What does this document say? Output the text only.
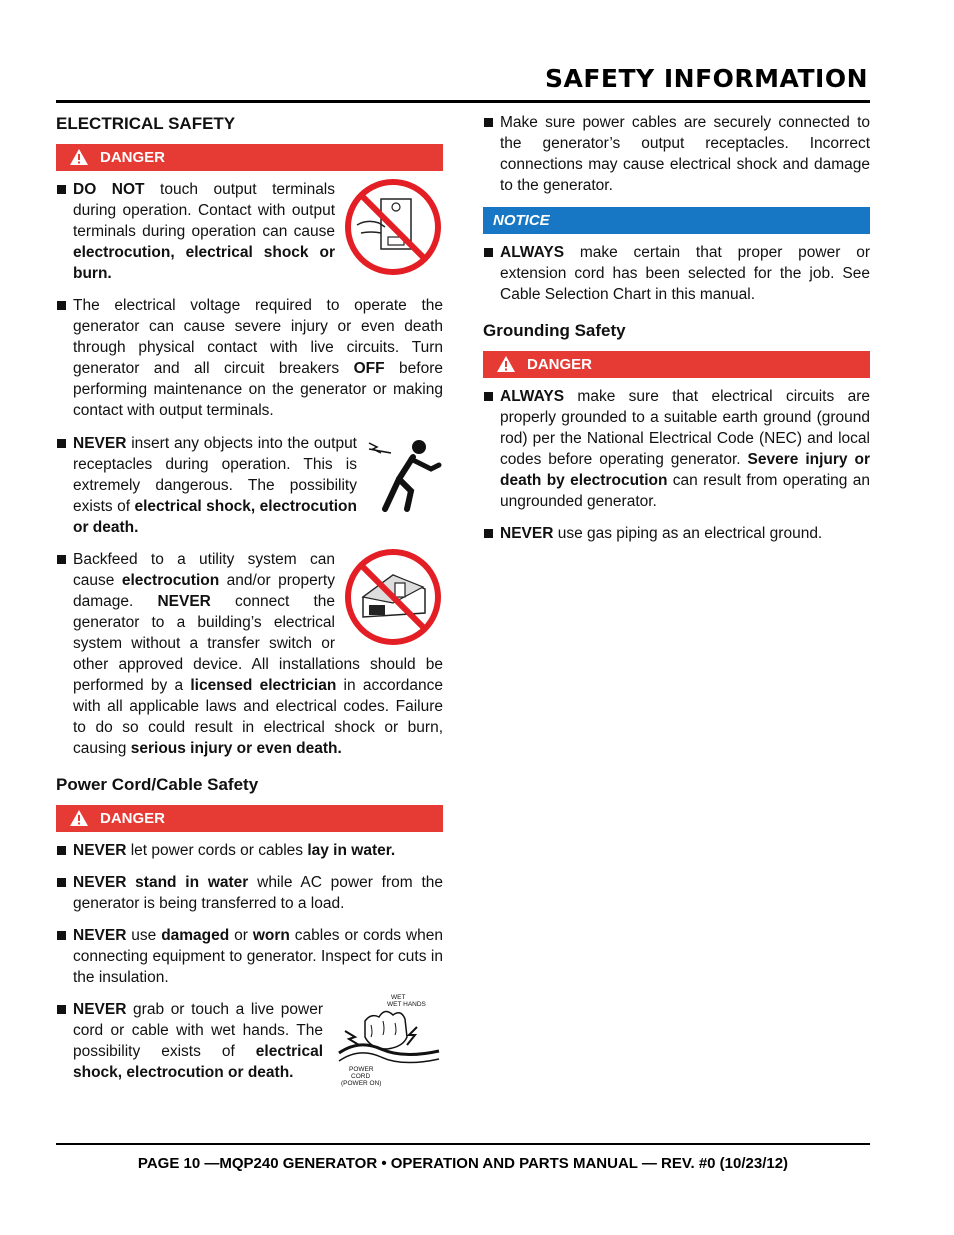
SAFETY INFORMATION
ELECTRICAL SAFETY
DANGER
DO NOT touch output terminals during operation. Contact with output terminals during operation can cause electrocution, electrical shock or burn.
The electrical voltage required to operate the generator can cause severe injury or even death through physical contact with live circuits. Turn generator and all circuit breakers OFF before performing maintenance on the generator or making contact with output terminals.
NEVER insert any objects into the output receptacles during operation. This is extremely dangerous. The possibility exists of electrical shock, electrocution or death.
Backfeed to a utility system can cause electrocution and/or property damage. NEVER connect the generator to a building’s electrical system without a transfer switch or other approved device. All installations should be performed by a licensed electrician in accordance with all applicable laws and electrical codes. Failure to do so could result in electrical shock or burn, causing serious injury or even death.
Power Cord/Cable Safety
DANGER
NEVER let power cords or cables lay in water.
NEVER stand in water while AC power from the generator is being transferred to a load.
NEVER use damaged or worn cables or cords when connecting equipment to generator. Inspect for cuts in the insulation.
WET
WET HANDS
POWER
CORD
(POWER ON)
NEVER grab or touch a live power cord or cable with wet hands. The possibility exists of electrical shock, electrocution or death.
Make sure power cables are securely connected to the generator’s output receptacles. Incorrect connections may cause electrical shock and damage to the generator.
NOTICE
ALWAYS make certain that proper power or extension cord has been selected for the job. See Cable Selection Chart in this manual.
Grounding Safety
DANGER
ALWAYS make sure that electrical circuits are properly grounded to a suitable earth ground (ground rod) per the National Electrical Code (NEC) and local codes before operating generator. Severe injury or death by electrocution can result from operating an ungrounded generator.
NEVER use gas piping as an electrical ground.
PAGE 10 —MQP240 GENERATOR • OPERATION AND PARTS MANUAL — REV. #0 (10/23/12)
